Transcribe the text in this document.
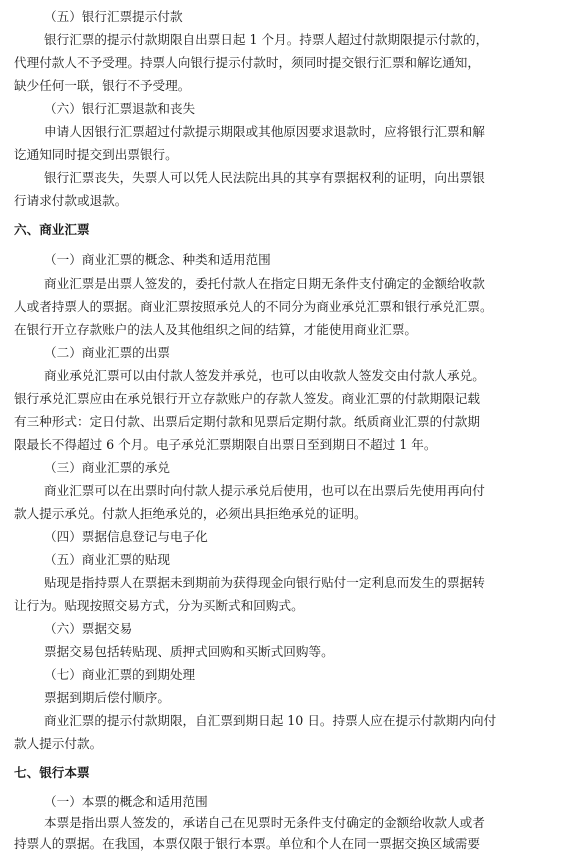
（五）银行汇票提示付款
银行汇票的提示付款期限自出票日起 1 个月。持票人超过付款期限提示付款的，
代理付款人不予受理。持票人向银行提示付款时，须同时提交银行汇票和解讫通知，
缺少任何一联，银行不予受理。
（六）银行汇票退款和丧失
申请人因银行汇票超过付款提示期限或其他原因要求退款时，应将银行汇票和解
讫通知同时提交到出票银行。
银行汇票丧失，失票人可以凭人民法院出具的其享有票据权利的证明，向出票银
行请求付款或退款。
六、商业汇票
（一）商业汇票的概念、种类和适用范围
商业汇票是出票人签发的，委托付款人在指定日期无条件支付确定的金额给收款
人或者持票人的票据。商业汇票按照承兑人的不同分为商业承兑汇票和银行承兑汇票。
在银行开立存款账户的法人及其他组织之间的结算，才能使用商业汇票。
（二）商业汇票的出票
商业承兑汇票可以由付款人签发并承兑，也可以由收款人签发交由付款人承兑。
银行承兑汇票应由在承兑银行开立存款账户的存款人签发。商业汇票的付款期限记载
有三种形式：定日付款、出票后定期付款和见票后定期付款。纸质商业汇票的付款期
限最长不得超过 6 个月。电子承兑汇票期限自出票日至到期日不超过 1 年。
（三）商业汇票的承兑
商业汇票可以在出票时向付款人提示承兑后使用，也可以在出票后先使用再向付
款人提示承兑。付款人拒绝承兑的，必须出具拒绝承兑的证明。
（四）票据信息登记与电子化
（五）商业汇票的贴现
贴现是指持票人在票据未到期前为获得现金向银行贴付一定利息而发生的票据转
让行为。贴现按照交易方式，分为买断式和回购式。
（六）票据交易
票据交易包括转贴现、质押式回购和买断式回购等。
（七）商业汇票的到期处理
票据到期后偿付顺序。
商业汇票的提示付款期限，自汇票到期日起 10 日。持票人应在提示付款期内向付
款人提示付款。
七、银行本票
（一）本票的概念和适用范围
本票是指出票人签发的，承诺自己在见票时无条件支付确定的金额给收款人或者
持票人的票据。在我国，本票仅限于银行本票。单位和个人在同一票据交换区域需要
